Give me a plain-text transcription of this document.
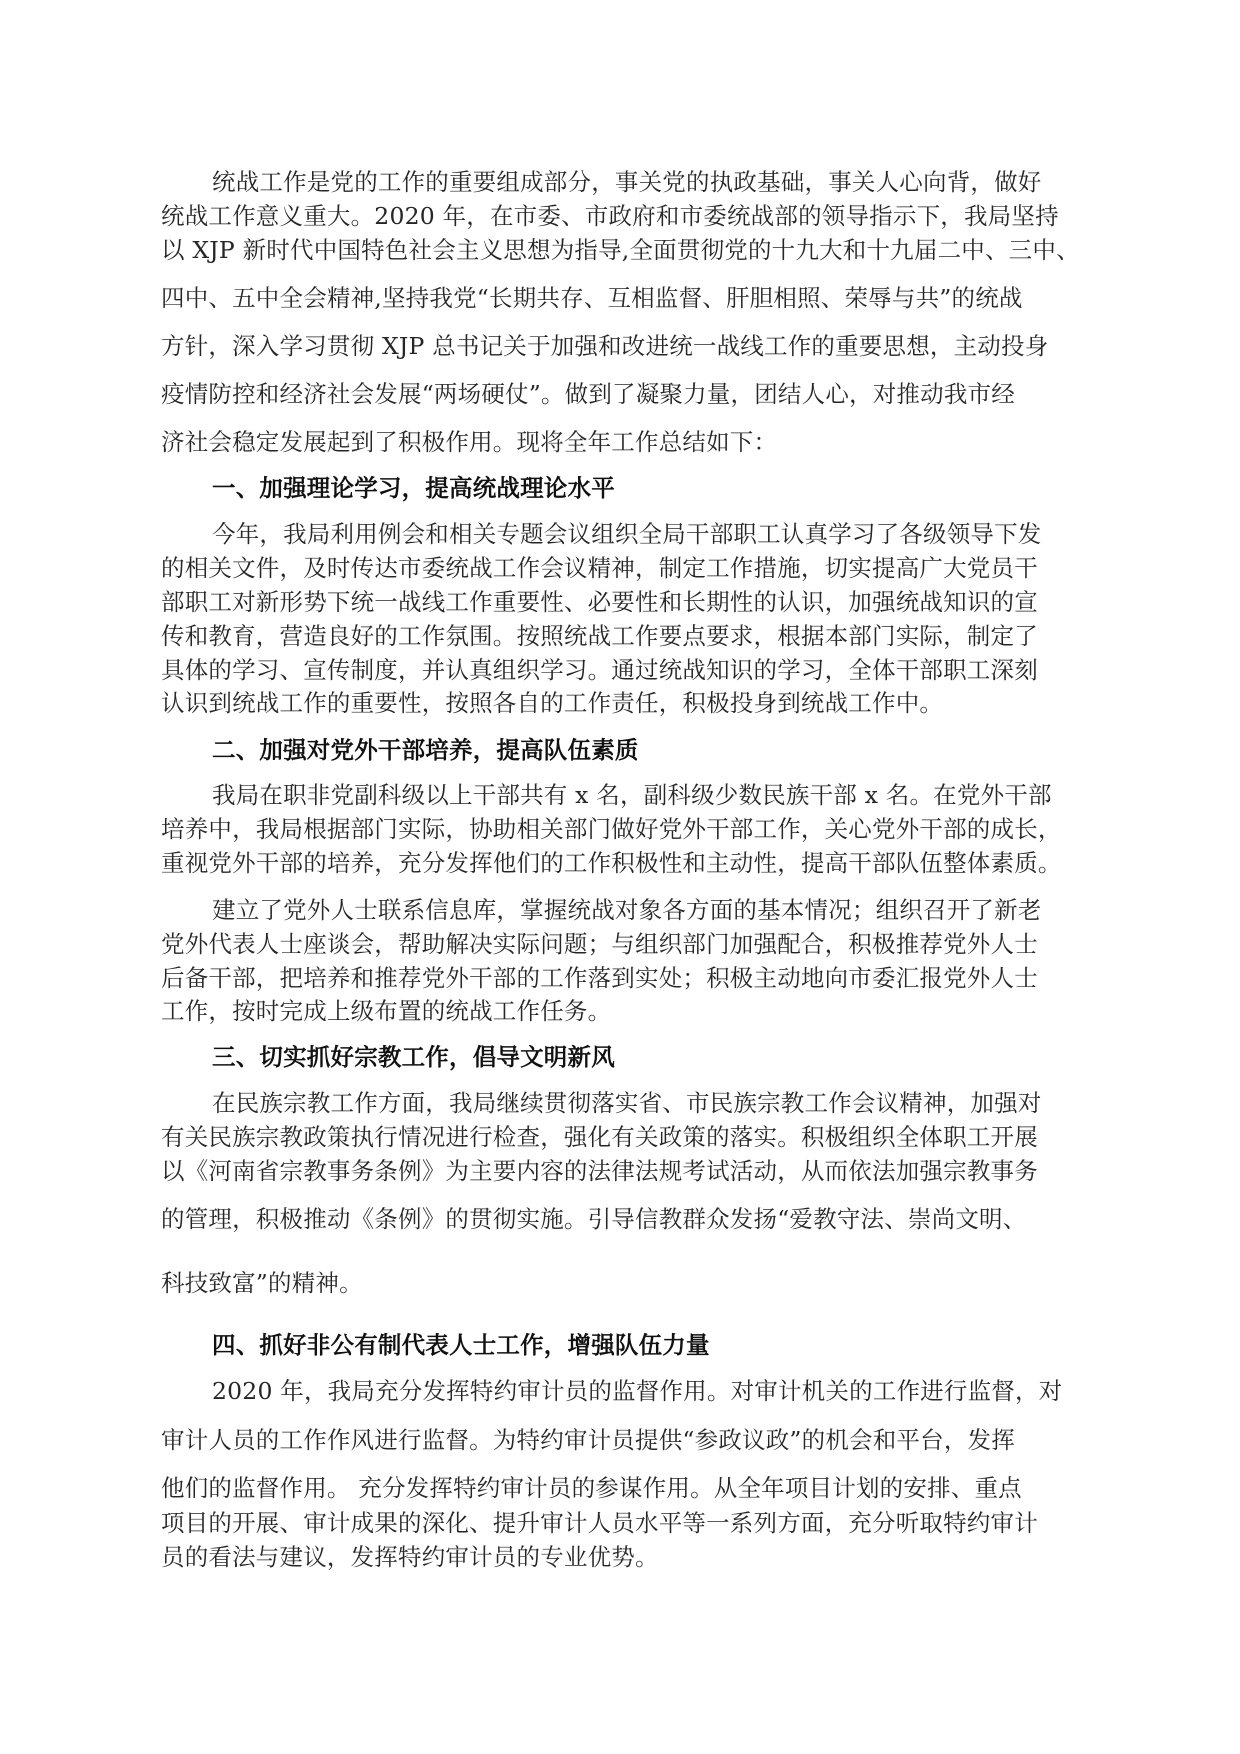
统战工作是党的工作的重要组成部分，事关党的执政基础，事关人心向背，做好
统战工作意义重大。2020 年，在市委、市政府和市委统战部的领导指示下，我局坚持
以 XJP 新时代中国特色社会主义思想为指导,全面贯彻党的十九大和十九届二中、三中、
四中、五中全会精神,坚持我党“长期共存、互相监督、肝胆相照、荣辱与共”的统战
方针，深入学习贯彻 XJP 总书记关于加强和改进统一战线工作的重要思想，主动投身
疫情防控和经济社会发展“两场硬仗”。做到了凝聚力量，团结人心，对推动我市经
济社会稳定发展起到了积极作用。现将全年工作总结如下：
一、加强理论学习，提高统战理论水平
今年，我局利用例会和相关专题会议组织全局干部职工认真学习了各级领导下发
的相关文件，及时传达市委统战工作会议精神，制定工作措施，切实提高广大党员干
部职工对新形势下统一战线工作重要性、必要性和长期性的认识，加强统战知识的宣
传和教育，营造良好的工作氛围。按照统战工作要点要求，根据本部门实际，制定了
具体的学习、宣传制度，并认真组织学习。通过统战知识的学习，全体干部职工深刻
认识到统战工作的重要性，按照各自的工作责任，积极投身到统战工作中。
二、加强对党外干部培养，提高队伍素质
我局在职非党副科级以上干部共有 x 名，副科级少数民族干部 x 名。在党外干部
培养中，我局根据部门实际，协助相关部门做好党外干部工作，关心党外干部的成长，
重视党外干部的培养，充分发挥他们的工作积极性和主动性，提高干部队伍整体素质。
建立了党外人士联系信息库，掌握统战对象各方面的基本情况；组织召开了新老
党外代表人士座谈会，帮助解决实际问题；与组织部门加强配合，积极推荐党外人士
后备干部，把培养和推荐党外干部的工作落到实处；积极主动地向市委汇报党外人士
工作，按时完成上级布置的统战工作任务。
三、切实抓好宗教工作，倡导文明新风
在民族宗教工作方面，我局继续贯彻落实省、市民族宗教工作会议精神，加强对
有关民族宗教政策执行情况进行检查，强化有关政策的落实。积极组织全体职工开展
以《河南省宗教事务条例》为主要内容的法律法规考试活动，从而依法加强宗教事务
的管理，积极推动《条例》的贯彻实施。引导信教群众发扬“爱教守法、崇尚文明、
科技致富”的精神。
四、抓好非公有制代表人士工作，增强队伍力量
2020 年，我局充分发挥特约审计员的监督作用。对审计机关的工作进行监督，对
审计人员的工作作风进行监督。为特约审计员提供“参政议政”的机会和平台，发挥
他们的监督作用。 充分发挥特约审计员的参谋作用。从全年项目计划的安排、重点
项目的开展、审计成果的深化、提升审计人员水平等一系列方面，充分听取特约审计
员的看法与建议，发挥特约审计员的专业优势。
